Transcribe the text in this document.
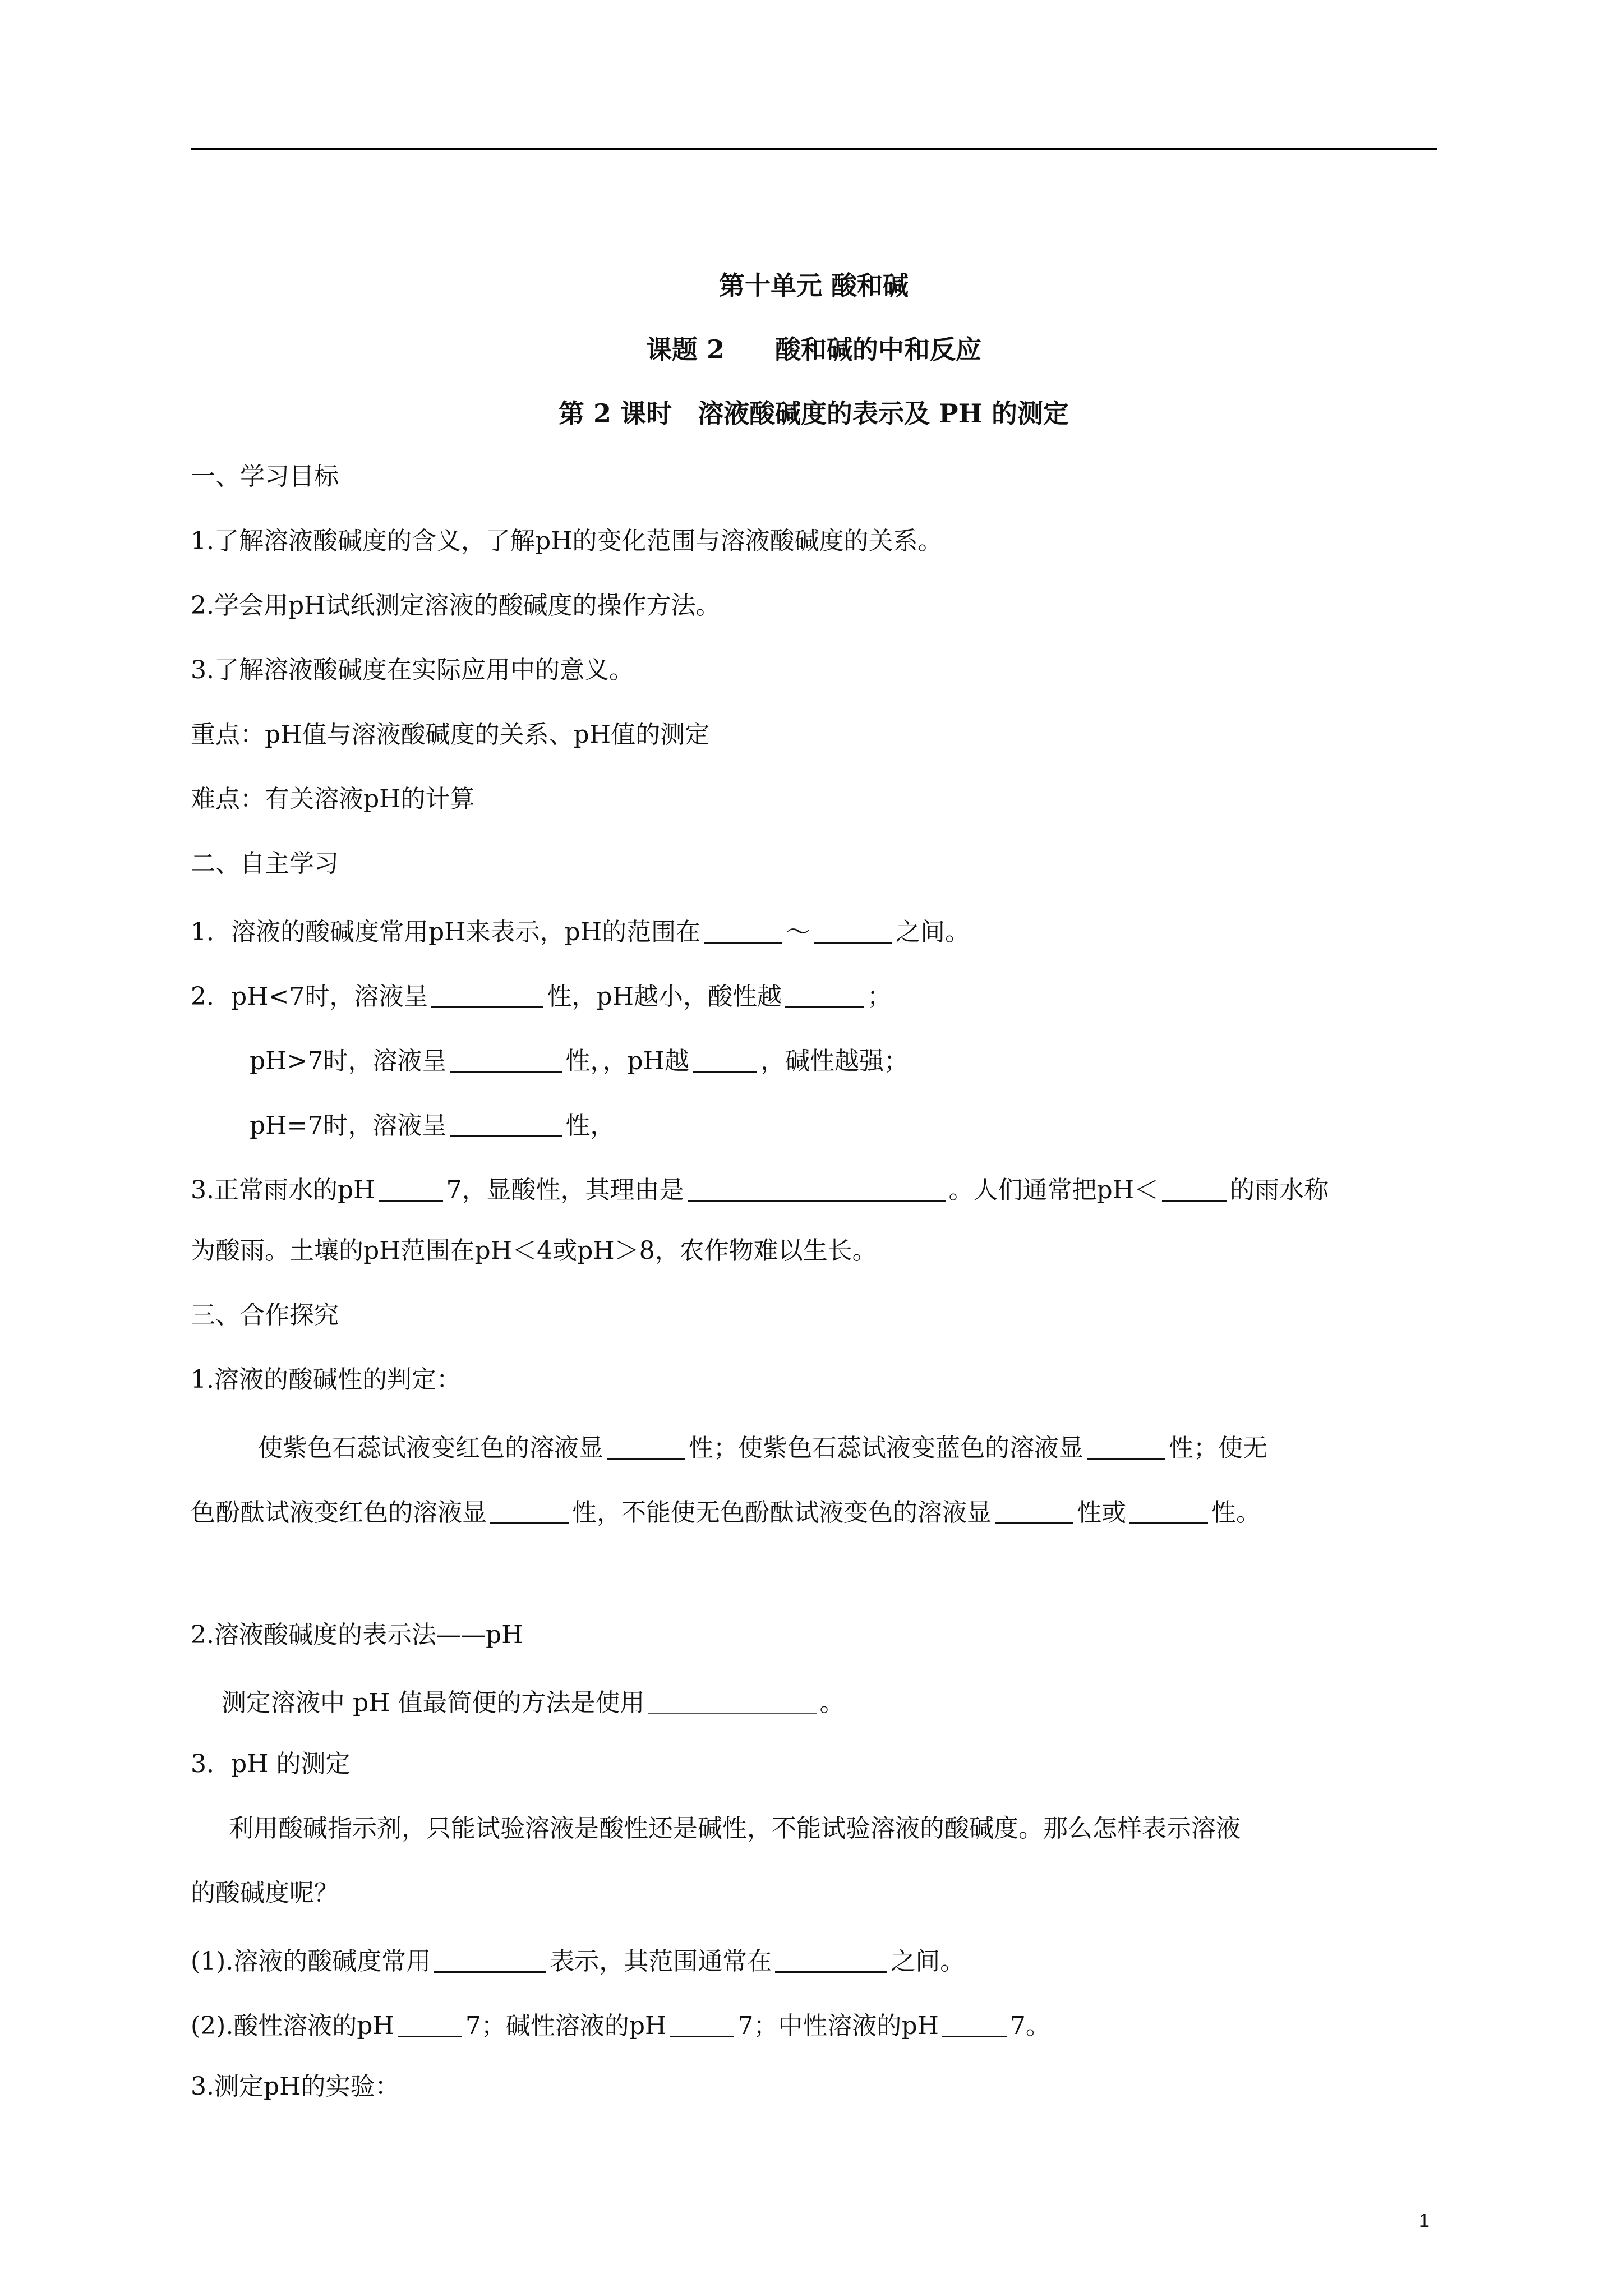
第十单元 酸和碱
课题 2 酸和碱的中和反应
第 2 课时　溶液酸碱度的表示及 PH 的测定
一、学习目标
1.了解溶液酸碱度的含义，了解pH的变化范围与溶液酸碱度的关系。
2.学会用pH试纸测定溶液的酸碱度的操作方法。
3.了解溶液酸碱度在实际应用中的意义。
重点：pH值与溶液酸碱度的关系、pH值的测定
难点：有关溶液pH的计算
二、自主学习
1．溶液的酸碱度常用pH来表示，pH的范围在	～	之间。
2．pH<7时，溶液呈	性，pH越小，酸性越	；
pH>7时，溶液呈	性，，pH越	，碱性越强；
pH=7时，溶液呈	性，
3.正常雨水的pH	7，显酸性，其理由是	。人们通常把pH＜	的雨水称
为酸雨。土壤的pH范围在pH＜4或pH＞8，农作物难以生长。
三、合作探究
1.溶液的酸碱性的判定：
使紫色石蕊试液变红色的溶液显	性；使紫色石蕊试液变蓝色的溶液显	性；使无
色酚酞试液变红色的溶液显	性，不能使无色酚酞试液变色的溶液显	性或	性。
2.溶液酸碱度的表示法——pH
测定溶液中 pH 值最简便的方法是使用	。
3．pH 的测定
利用酸碱指示剂，只能试验溶液是酸性还是碱性，不能试验溶液的酸碱度。那么怎样表示溶液
的酸碱度呢？
(1).溶液的酸碱度常用	表示，其范围通常在	之间。
(2).酸性溶液的pH	7；碱性溶液的pH	7；中性溶液的pH	7。
3.测定pH的实验：
1
